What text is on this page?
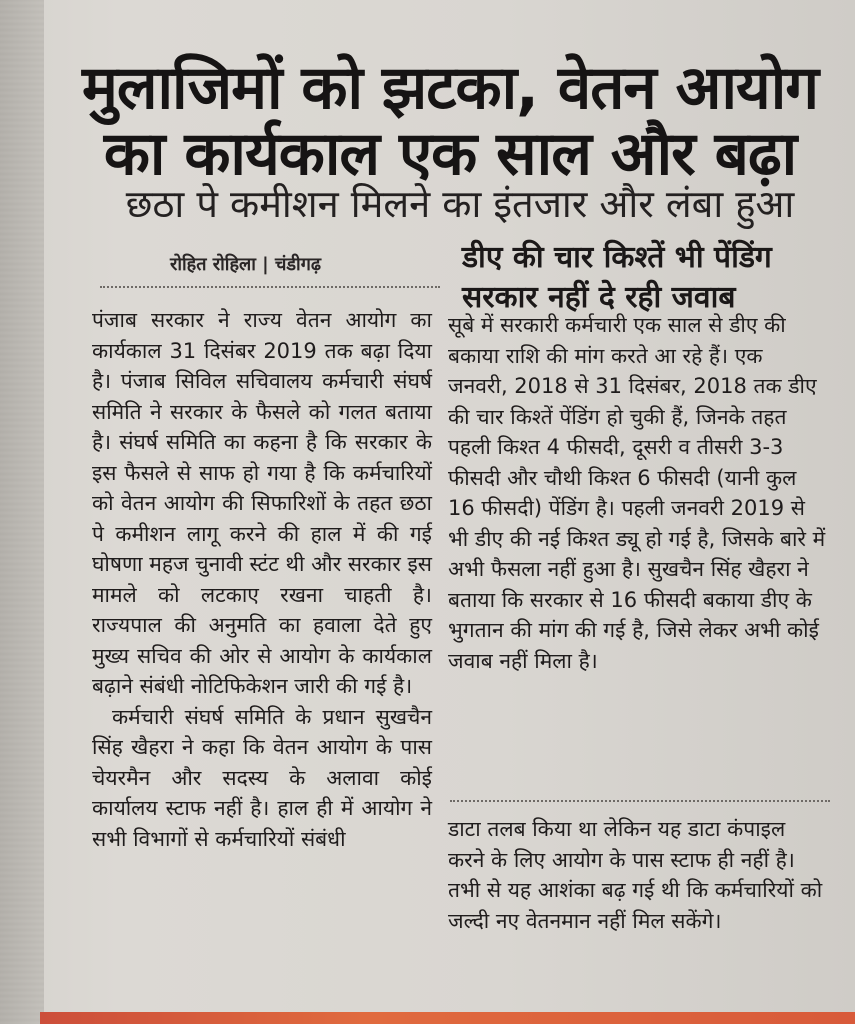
मुलाजिमों को झटका, वेतन आयोग
का कार्यकाल एक साल और बढ़ा
छठा पे कमीशन मिलने का इंतजार और लंबा हुआ
रोहित रोहिला | चंडीगढ़	डीए की चार किश्तें भी पेंडिंग सरकार नहीं दे रही जवाब

पंजाब सरकार ने राज्य वेतन आयोग का कार्यकाल 31 दिसंबर 2019 तक बढ़ा दिया है। पंजाब सिविल सचिवालय कर्मचारी संघर्ष समिति ने सरकार के फैसले को गलत बताया है। संघर्ष समिति का कहना है कि सरकार के इस फैसले से साफ हो गया है कि कर्मचारियों को वेतन आयोग की सिफारिशों के तहत छठा पे कमीशन लागू करने की हाल में की गई घोषणा महज चुनावी स्टंट थी और सरकार इस मामले को लटकाए रखना चाहती है। राज्यपाल की अनुमति का हवाला देते हुए मुख्य सचिव की ओर से आयोग के कार्यकाल बढ़ाने संबंधी नोटिफिकेशन जारी की गई है।

कर्मचारी संघर्ष समिति के प्रधान सुखचैन सिंह खैहरा ने कहा कि वेतन आयोग के पास चेयरमैन और सदस्य के अलावा कोई कार्यालय स्टाफ नहीं है। हाल ही में आयोग ने सभी विभागों से कर्मचारियों संबंधी

सूबे में सरकारी कर्मचारी एक साल से डीए की बकाया राशि की मांग करते आ रहे हैं। एक जनवरी, 2018 से 31 दिसंबर, 2018 तक डीए की चार किश्तें पेंडिंग हो चुकी हैं, जिनके तहत पहली किश्त 4 फीसदी, दूसरी व तीसरी 3-3 फीसदी और चौथी किश्त 6 फीसदी (यानी कुल 16 फीसदी) पेंडिंग है। पहली जनवरी 2019 से भी डीए की नई किश्त ड्यू हो गई है, जिसके बारे में अभी फैसला नहीं हुआ है। सुखचैन सिंह खैहरा ने बताया कि सरकार से 16 फीसदी बकाया डीए के भुगतान की मांग की गई है, जिसे लेकर अभी कोई जवाब नहीं मिला है।

डाटा तलब किया था लेकिन यह डाटा कंपाइल करने के लिए आयोग के पास स्टाफ ही नहीं है। तभी से यह आशंका बढ़ गई थी कि कर्मचारियों को जल्दी नए वेतनमान नहीं मिल सकेंगे।
